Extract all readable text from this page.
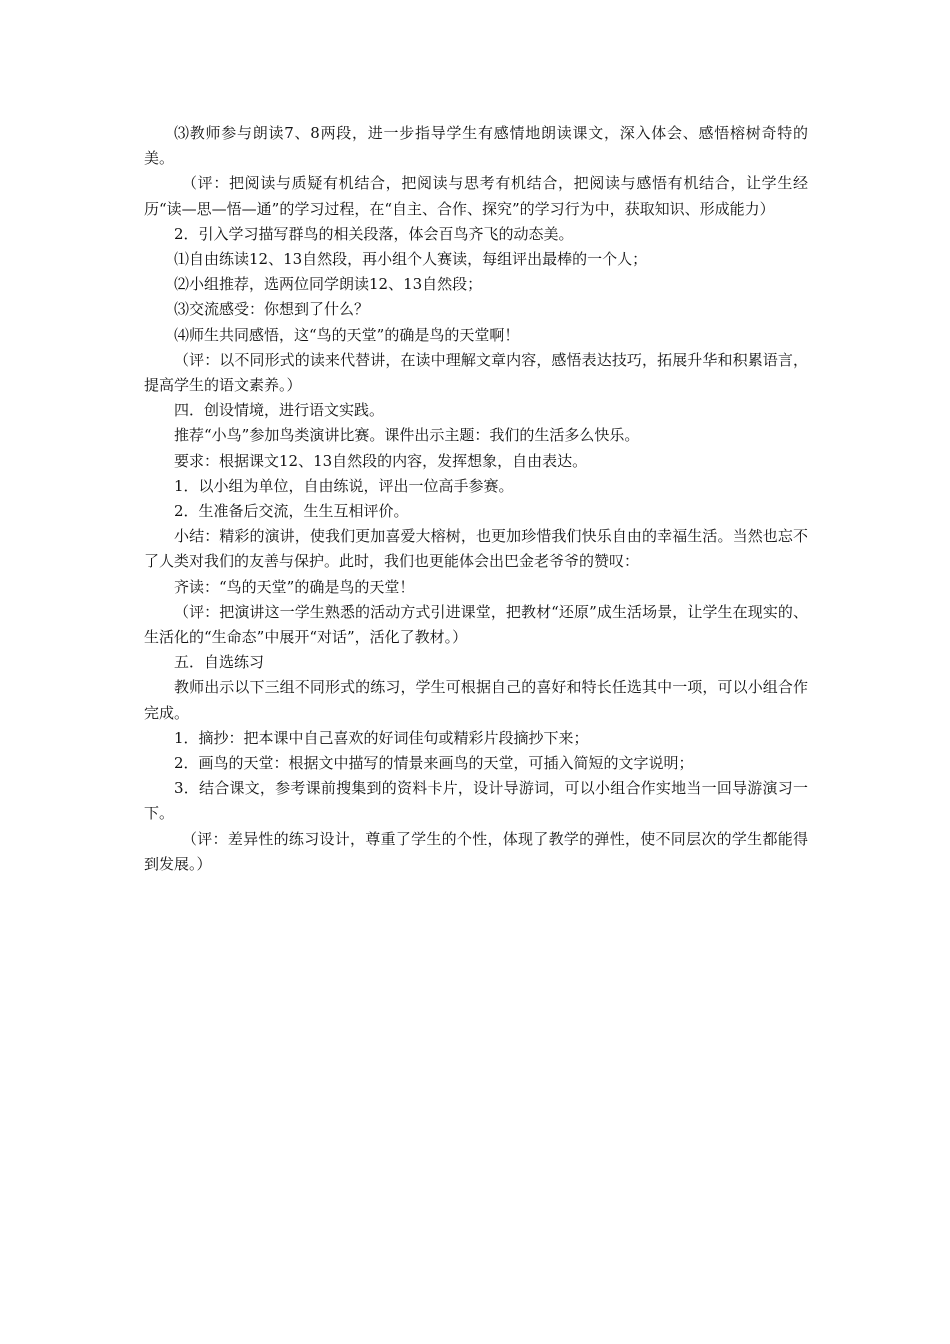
⑶教师参与朗读7、8两段，进一步指导学生有感情地朗读课文，深入体会、感悟榕树奇特的美。

（评：把阅读与质疑有机结合，把阅读与思考有机结合，把阅读与感悟有机结合，让学生经历“读—思—悟—通”的学习过程，在“自主、合作、探究”的学习行为中，获取知识、形成能力）

2．引入学习描写群鸟的相关段落，体会百鸟齐飞的动态美。

⑴自由练读12、13自然段，再小组个人赛读，每组评出最棒的一个人；

⑵小组推荐，选两位同学朗读12、13自然段；

⑶交流感受：你想到了什么？

⑷师生共同感悟，这“鸟的天堂”的确是鸟的天堂啊！

（评：以不同形式的读来代替讲，在读中理解文章内容，感悟表达技巧，拓展升华和积累语言，提高学生的语文素养。）

四．创设情境，进行语文实践。

推荐“小鸟”参加鸟类演讲比赛。课件出示主题：我们的生活多么快乐。

要求：根据课文12、13自然段的内容，发挥想象，自由表达。

1．以小组为单位，自由练说，评出一位高手参赛。

2．生准备后交流，生生互相评价。

小结：精彩的演讲，使我们更加喜爱大榕树，也更加珍惜我们快乐自由的幸福生活。当然也忘不了人类对我们的友善与保护。此时，我们也更能体会出巴金老爷爷的赞叹：

齐读：“鸟的天堂”的确是鸟的天堂！

（评：把演讲这一学生熟悉的活动方式引进课堂，把教材“还原”成生活场景，让学生在现实的、生活化的“生命态”中展开“对话”，活化了教材。）

五．自选练习

教师出示以下三组不同形式的练习，学生可根据自己的喜好和特长任选其中一项，可以小组合作完成。

1．摘抄：把本课中自己喜欢的好词佳句或精彩片段摘抄下来；

2．画鸟的天堂：根据文中描写的情景来画鸟的天堂，可插入简短的文字说明；

3．结合课文，参考课前搜集到的资料卡片，设计导游词，可以小组合作实地当一回导游演习一下。

（评：差异性的练习设计，尊重了学生的个性，体现了教学的弹性，使不同层次的学生都能得到发展。）
